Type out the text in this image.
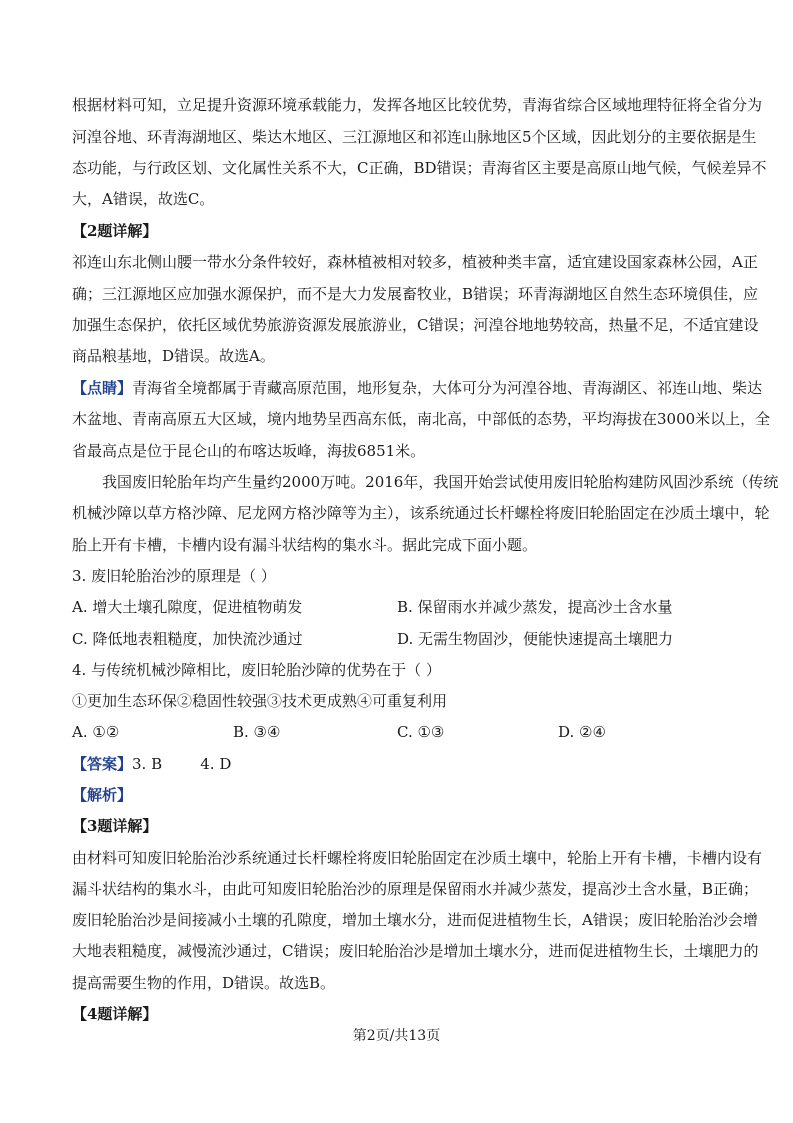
根据材料可知，立足提升资源环境承载能力，发挥各地区比较优势，青海省综合区域地理特征将全省分为
河湟谷地、环青海湖地区、柴达木地区、三江源地区和祁连山脉地区5个区域，因此划分的主要依据是生
态功能，与行政区划、文化属性关系不大，C正确，BD错误；青海省区主要是高原山地气候，气候差异不
大，A错误，故选C。
【2题详解】
祁连山东北侧山腰一带水分条件较好，森林植被相对较多，植被种类丰富，适宜建设国家森林公园，A正
确；三江源地区应加强水源保护，而不是大力发展畜牧业，B错误；环青海湖地区自然生态环境俱佳，应
加强生态保护，依托区域优势旅游资源发展旅游业，C错误；河湟谷地地势较高，热量不足，不适宜建设
商品粮基地，D错误。故选A。
【点睛】青海省全境都属于青藏高原范围，地形复杂，大体可分为河湟谷地、青海湖区、祁连山地、柴达
木盆地、青南高原五大区域，境内地势呈西高东低，南北高，中部低的态势，平均海拔在3000米以上，全
省最高点是位于昆仑山的布喀达坂峰，海拔6851米。
我国废旧轮胎年均产生量约2000万吨。2016年，我国开始尝试使用废旧轮胎构建防风固沙系统（传统
机械沙障以草方格沙障、尼龙网方格沙障等为主），该系统通过长杆螺栓将废旧轮胎固定在沙质土壤中，轮
胎上开有卡槽，卡槽内设有漏斗状结构的集水斗。据此完成下面小题。
3. 废旧轮胎治沙的原理是（ ）
A. 增大土壤孔隙度，促进植物萌发	B. 保留雨水并减少蒸发，提高沙土含水量
C. 降低地表粗糙度，加快流沙通过	D. 无需生物固沙，便能快速提高土壤肥力
4. 与传统机械沙障相比，废旧轮胎沙障的优势在于（ ）
①更加生态环保②稳固性较强③技术更成熟④可重复利用
A. ①②	B. ③④	C. ①③	D. ②④
【答案】3. B        4. D
【解析】
【3题详解】
由材料可知废旧轮胎治沙系统通过长杆螺栓将废旧轮胎固定在沙质土壤中，轮胎上开有卡槽，卡槽内设有
漏斗状结构的集水斗，由此可知废旧轮胎治沙的原理是保留雨水并减少蒸发，提高沙土含水量，B正确；
废旧轮胎治沙是间接减小土壤的孔隙度，增加土壤水分，进而促进植物生长，A错误；废旧轮胎治沙会增
大地表粗糙度，减慢流沙通过，C错误；废旧轮胎治沙是增加土壤水分，进而促进植物生长，土壤肥力的
提高需要生物的作用，D错误。故选B。
【4题详解】
第2页/共13页
